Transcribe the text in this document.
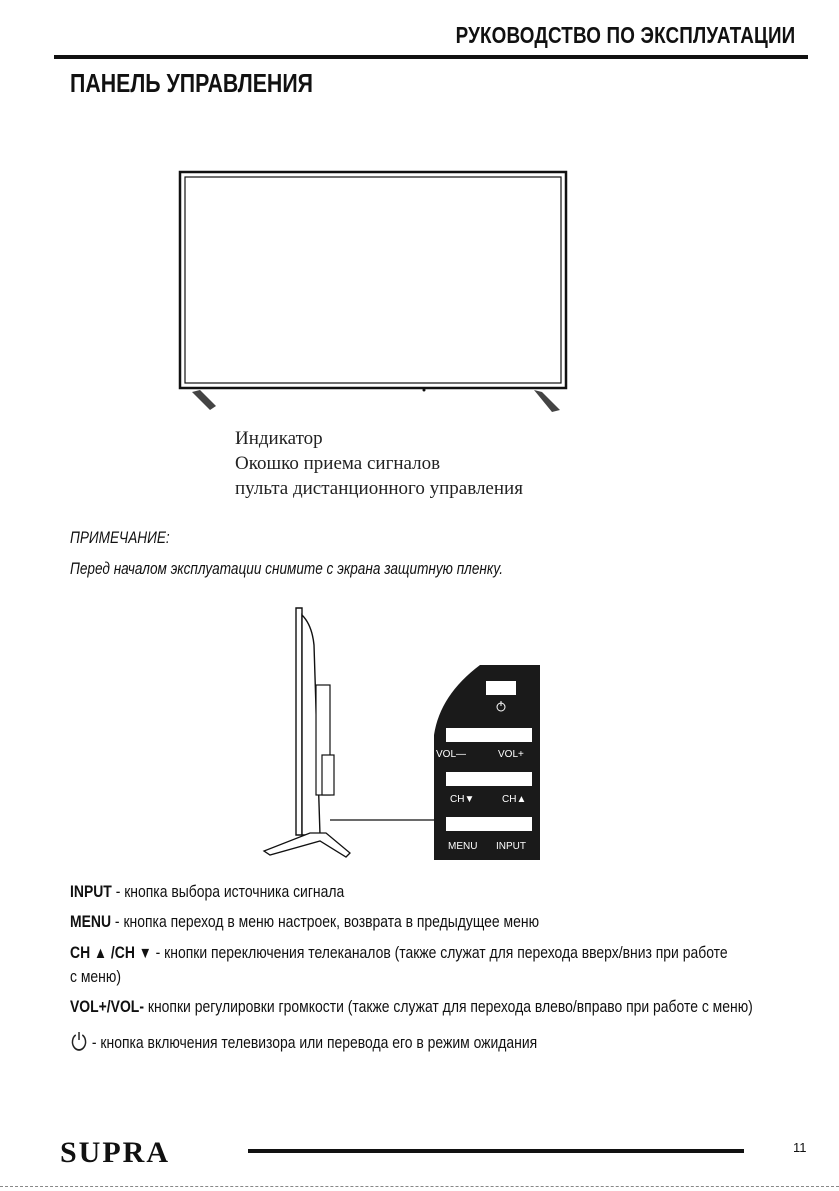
РУКОВОДСТВО ПО ЭКСПЛУАТАЦИИ
ПАНЕЛЬ УПРАВЛЕНИЯ
Индикатор
Окошко приема сигналов
пульта дистанционного управления
ПРИМЕЧАНИЕ:
Перед началом эксплуатации снимите с экрана защитную пленку.
VOL—	VOL+
CH▼	CH▲
MENU INPUT
INPUT - кнопка выбора источника сигнала
MENU - кнопка переход в меню настроек, возврата в предыдущее меню
CH ▲ /CH ▼ - кнопки переключения телеканалов (также служат для перехода вверх/вниз при работе
с меню)
VOL+/VOL- кнопки регулировки громкости (также служат для перехода влево/вправо при работе с меню)
- кнопка включения телевизора или перевода его в режим ожидания
SUPRA	11
